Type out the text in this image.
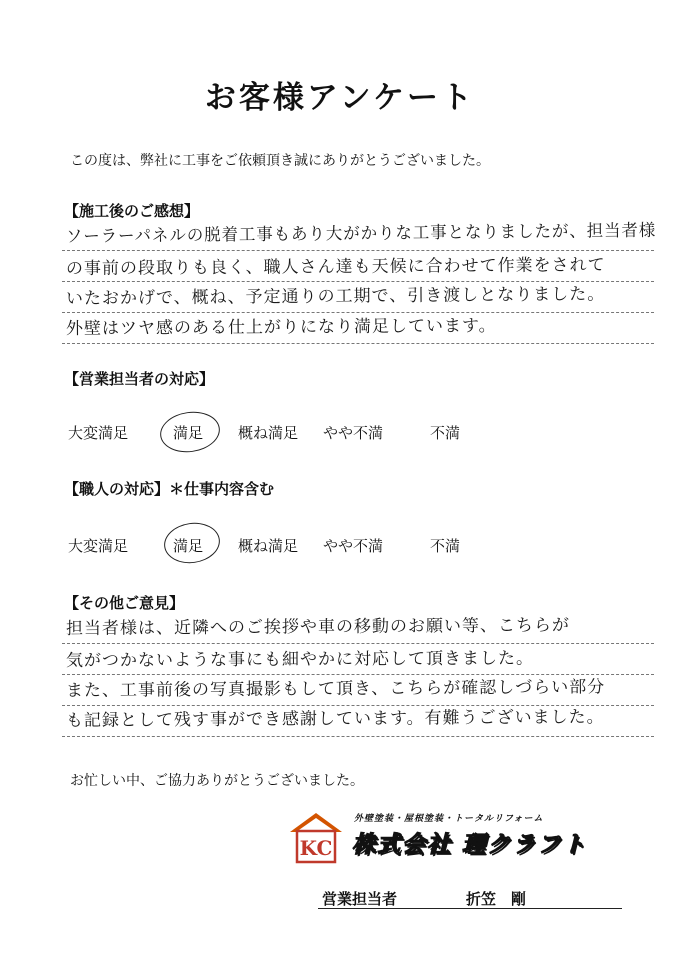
お客様アンケート
この度は、弊社に工事をご依頼頂き誠にありがとうございました。
【施工後のご感想】
ソーラーパネルの脱着工事もあり大がかりな工事となりましたが、担当者様
の事前の段取りも良く、職人さん達も天候に合わせて作業をされて
いたおかげで、概ね、予定通りの工期で、引き渡しとなりました。
外壁はツヤ感のある仕上がりになり満足しています。
【営業担当者の対応】
大変満足	満足 概ね満足 やや不満	不満
【職人の対応】＊仕事内容含む
大変満足	満足 概ね満足 やや不満	不満
【その他ご意見】
担当者様は、近隣へのご挨拶や車の移動のお願い等、こちらが
気がつかないような事にも細やかに対応して頂きました。
また、工事前後の写真撮影もして頂き、こちらが確認しづらい部分
も記録として残す事ができ感謝しています。有難うございました。
お忙しい中、ご協力ありがとうございました。
KC
外壁塗装・屋根塗装・トータルリフォーム
株式会社 理クラフト
営業担当者	折笠　剛
